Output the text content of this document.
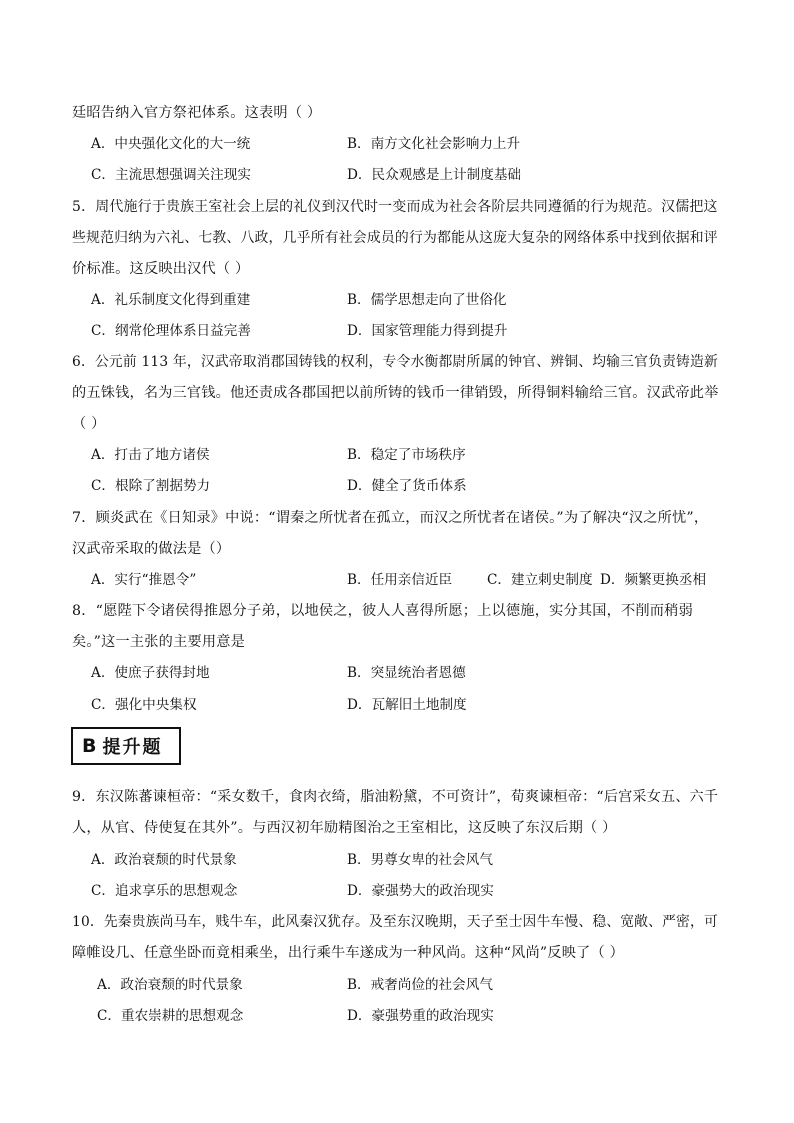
廷昭告纳入官方祭祀体系。这表明（ ）
A．中央强化文化的大一统	B．南方文化社会影响力上升
C．主流思想强调关注现实	D．民众观感是上计制度基础
5．周代施行于贵族王室社会上层的礼仪到汉代时一变而成为社会各阶层共同遵循的行为规范。汉儒把这
些规范归纳为六礼、七教、八政，几乎所有社会成员的行为都能从这庞大复杂的网络体系中找到依据和评
价标准。这反映出汉代（ ）
A．礼乐制度文化得到重建	B．儒学思想走向了世俗化
C．纲常伦理体系日益完善	D．国家管理能力得到提升
6．公元前 113 年，汉武帝取消郡国铸钱的权利，专令水衡都尉所属的钟官、辨铜、均输三官负责铸造新
的五铢钱，名为三官钱。他还责成各郡国把以前所铸的钱币一律销毁，所得铜料输给三官。汉武帝此举
（ ）
A．打击了地方诸侯	B．稳定了市场秩序
C．根除了割据势力	D．健全了货币体系
7．顾炎武在《日知录》中说：“谓秦之所忧者在孤立，而汉之所忧者在诸侯。”为了解决“汉之所忧”，
汉武帝采取的做法是（）
A．实行“推恩令”	B．任用亲信近臣	C．建立刺史制度 D．频繁更换丞相
8．“愿陛下令诸侯得推恩分子弟，以地侯之，彼人人喜得所愿；上以德施，实分其国，不削而稍弱
矣。”这一主张的主要用意是
A．使庶子获得封地	B．突显统治者恩德
C．强化中央集权	D．瓦解旧土地制度
B 提升题
9．东汉陈蕃谏桓帝：“采女数千，食肉衣绮，脂油粉黛，不可资计”，荀爽谏桓帝：“后宫采女五、六千
人，从官、侍使复在其外”。与西汉初年励精图治之王室相比，这反映了东汉后期（ ）
A．政治衰颓的时代景象	B．男尊女卑的社会风气
C．追求享乐的思想观念	D．豪强势大的政治现实
10．先秦贵族尚马车，贱牛车，此风秦汉犹存。及至东汉晚期，天子至士因牛车慢、稳、宽敞、严密，可
障帷设几、任意坐卧而竟相乘坐，出行乘牛车遂成为一种风尚。这种“风尚”反映了（ ）
A．政治衰颓的时代景象	B．戒奢尚俭的社会风气
C．重农崇耕的思想观念	D．豪强势重的政治现实
